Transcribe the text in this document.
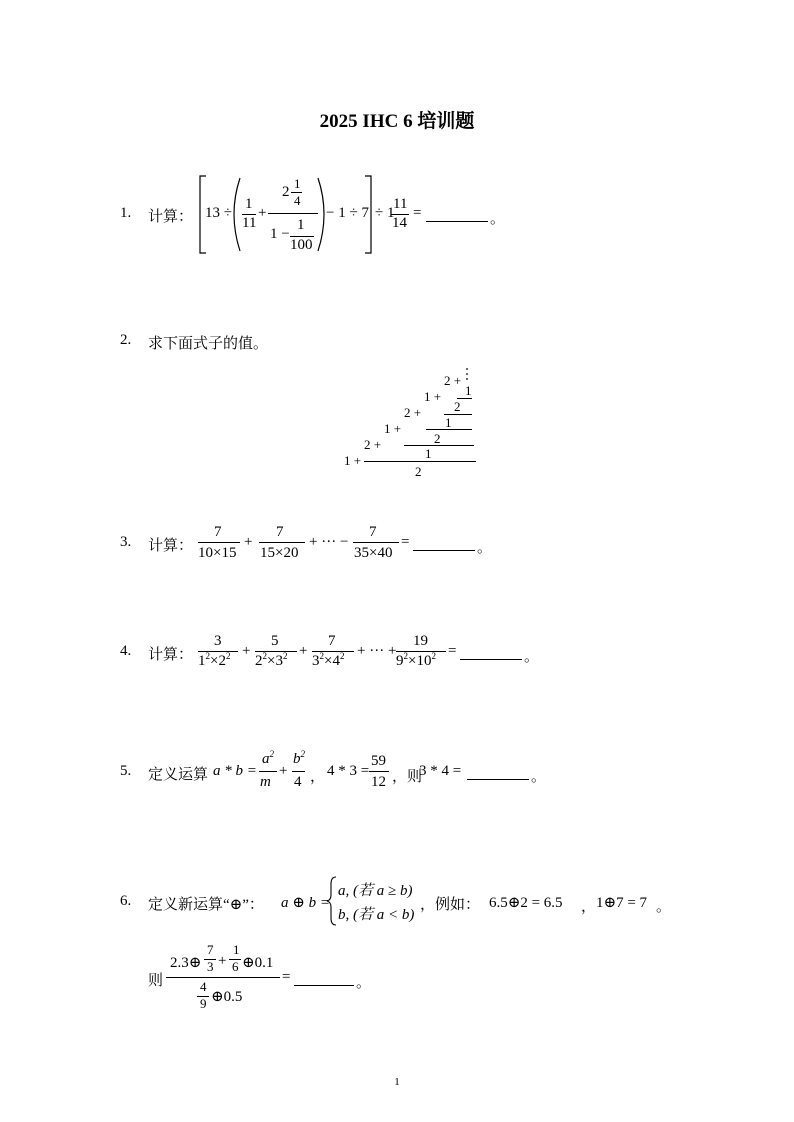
2025 IHC 6 培训题
1. 计算： 13 ÷
1
11
+
2
1
4
1 −
1
100
− 1 ÷ 7 ÷ 1
11
14
=	。
2. 求下面式子的值。
2 +
1
1 +
2
2 +
1
1 +
2
2 +
1
1 +
2
3. 计算：
7
10×15
+
7
15×20
+ ··· −
7
35×40
=	。
4. 计算：
3
$1^2\times 2^2$ +
5
$2^2\times 3^2$ +
7
$3^2\times 4^2$ + ··· +
19
$9^2\times 10^2$ =	。
5. 定义运算 a * b =
$a^2$
m
+
$b^2$
4 ， 4 * 3 =
59
12 ，则
3 * 4 =	。
6. 定义新运算“⊕”： a ⊕ b =
a, (若 a ≥ b)
b, (若 a < b)
，例如： 6.5⊕2 = 6.5 ， 1⊕7 = 7 。
则
2.3⊕
7
3 +
1
6 ⊕0.1
4
9 ⊕0.5
=	。
1
